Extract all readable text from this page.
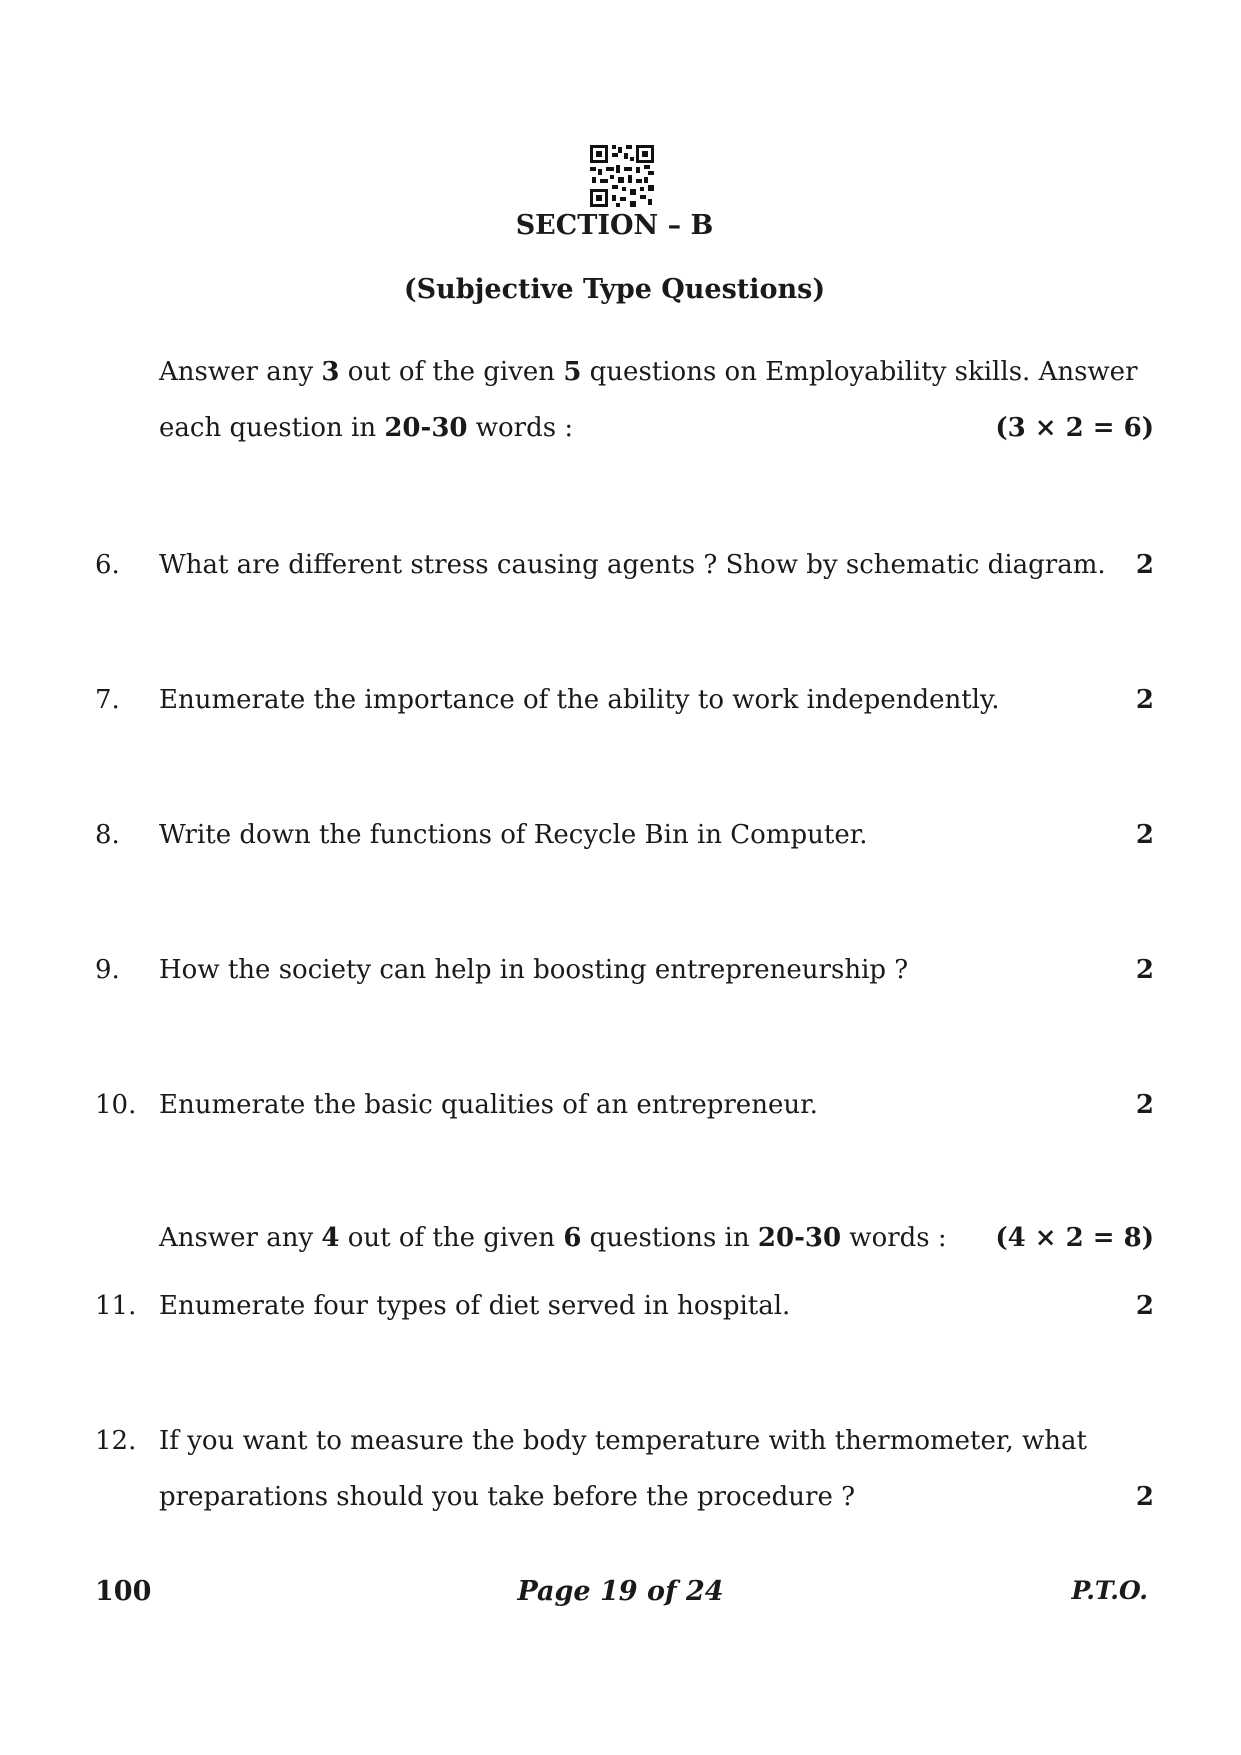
SECTION – B
(Subjective Type Questions)
Answer any 3 out of the given 5 questions on Employability skills. Answer
each question in 20-30 words :	(3 × 2 = 6)
6. What are different stress causing agents ? Show by schematic diagram. 2
7. Enumerate the importance of the ability to work independently.	2
8. Write down the functions of Recycle Bin in Computer.	2
9. How the society can help in boosting entrepreneurship ?	2
10. Enumerate the basic qualities of an entrepreneur.	2
Answer any 4 out of the given 6 questions in 20-30 words : (4 × 2 = 8)
11. Enumerate four types of diet served in hospital.	2
12. If you want to measure the body temperature with thermometer, what
preparations should you take before the procedure ?	2
100	Page 19 of 24	P.T.O.
